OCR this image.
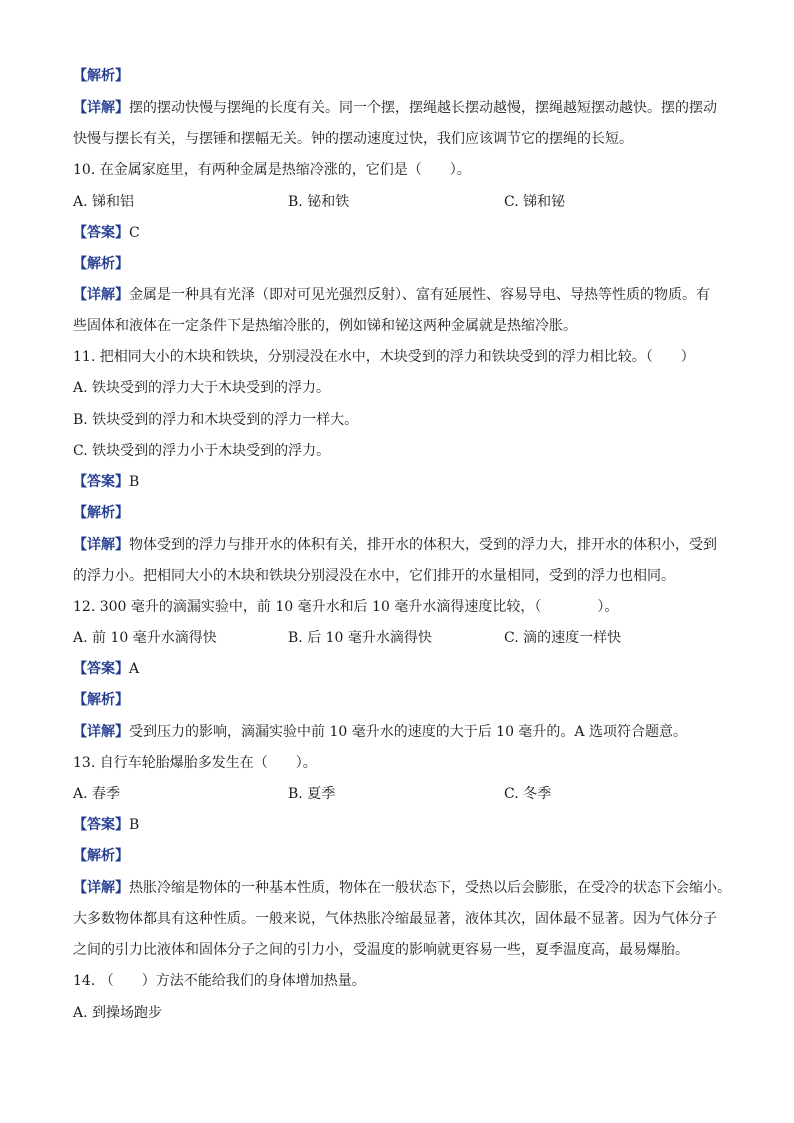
【解析】
【详解】摆的摆动快慢与摆绳的长度有关。同一个摆，摆绳越长摆动越慢，摆绳越短摆动越快。摆的摆动
快慢与摆长有关，与摆锤和摆幅无关。钟的摆动速度过快，我们应该调节它的摆绳的长短。
10. 在金属家庭里，有两种金属是热缩冷涨的，它们是（　　）。
A. 锑和铝	B. 铋和铁	C. 锑和铋
【答案】C
【解析】
【详解】金属是一种具有光泽（即对可见光强烈反射）、富有延展性、容易导电、导热等性质的物质。有
些固体和液体在一定条件下是热缩冷胀的，例如锑和铋这两种金属就是热缩冷胀。
11. 把相同大小的木块和铁块，分别浸没在水中，木块受到的浮力和铁块受到的浮力相比较。（　　）
A. 铁块受到的浮力大于木块受到的浮力。
B. 铁块受到的浮力和木块受到的浮力一样大。
C. 铁块受到的浮力小于木块受到的浮力。
【答案】B
【解析】
【详解】物体受到的浮力与排开水的体积有关，排开水的体积大，受到的浮力大，排开水的体积小，受到
的浮力小。把相同大小的木块和铁块分别浸没在水中，它们排开的水量相同，受到的浮力也相同。
12. 300 毫升的滴漏实验中，前 10 毫升水和后 10 毫升水滴得速度比较，（　　　　）。
A. 前 10 毫升水滴得快	B. 后 10 毫升水滴得快	C. 滴的速度一样快
【答案】A
【解析】
【详解】受到压力的影响，滴漏实验中前 10 毫升水的速度的大于后 10 毫升的。A 选项符合题意。
13. 自行车轮胎爆胎多发生在（　　）。
A. 春季	B. 夏季	C. 冬季
【答案】B
【解析】
【详解】热胀冷缩是物体的一种基本性质，物体在一般状态下，受热以后会膨胀，在受冷的状态下会缩小。
大多数物体都具有这种性质。一般来说，气体热胀冷缩最显著，液体其次，固体最不显著。因为气体分子
之间的引力比液体和固体分子之间的引力小，受温度的影响就更容易一些，夏季温度高，最易爆胎。
14. （　　）方法不能给我们的身体增加热量。
A. 到操场跑步
